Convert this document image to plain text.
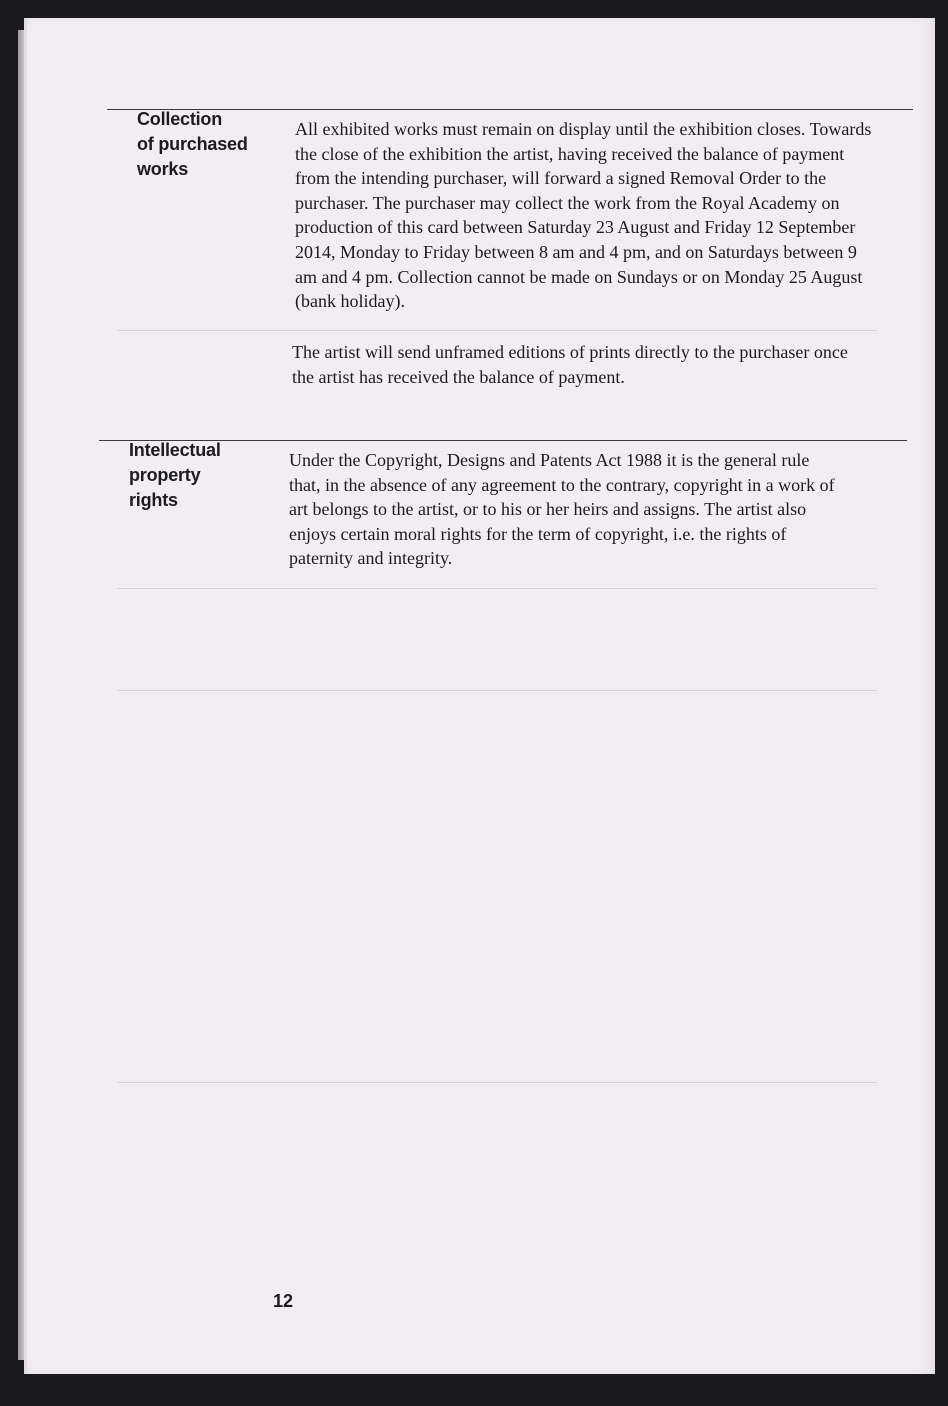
Collection
of purchased
works

All exhibited works must remain on display until the exhibition closes. Towards the close of the exhibition the artist, having received the balance of payment from the intending purchaser, will forward a signed Removal Order to the purchaser. The purchaser may collect the work from the Royal Academy on production of this card between Saturday 23 August and Friday 12 September 2014, Monday to Friday between 8 am and 4 pm, and on Saturdays between 9 am and 4 pm. Collection cannot be made on Sundays or on Monday 25 August (bank holiday).

The artist will send unframed editions of prints directly to the purchaser once the artist has received the balance of payment.

Intellectual
property
rights

Under the Copyright, Designs and Patents Act 1988 it is the general rule that, in the absence of any agreement to the contrary, copyright in a work of art belongs to the artist, or to his or her heirs and assigns. The artist also enjoys certain moral rights for the term of copyright, i.e. the rights of paternity and integrity.

12
